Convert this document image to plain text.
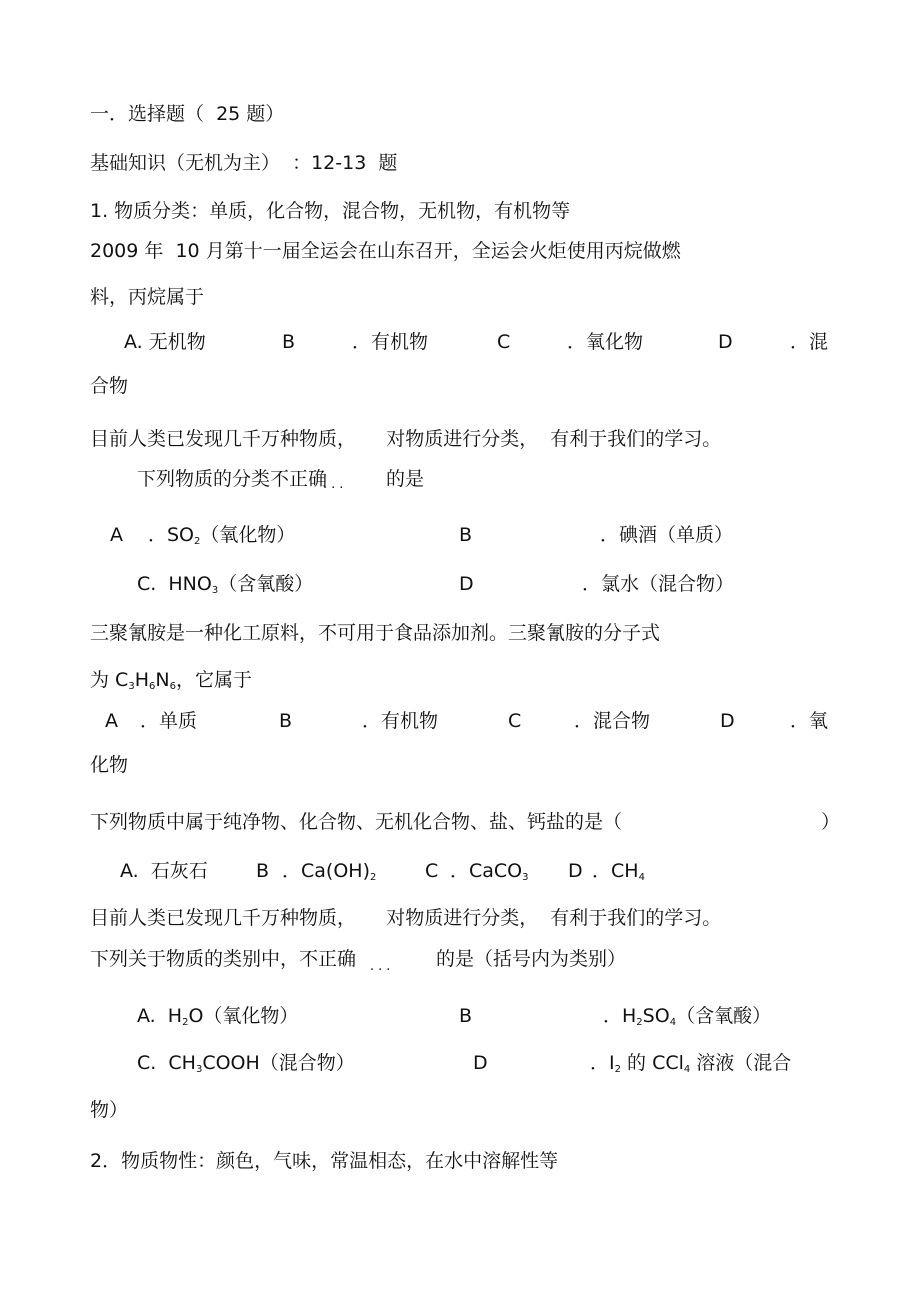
一．选择题（  25 题）
基础知识（无机为主）  ：12-13  题
1. 物质分类：单质，化合物，混合物，无机物，有机物等
2009 年  10 月第十一届全运会在山东召开，全运会火炬使用丙烷做燃
料，丙烷属于
A. 无机物	B	．有机物	C	．氧化物	D	．混
合物
目前人类已发现几千万种物质，     对物质进行分类，  有利于我们的学习。
下列物质的分类不正确
··· 的是
A ．$SO_2$（氧化物）	B	．碘酒（单质）
C.  $HNO_3$（含氧酸）	D	．氯水（混合物）
三聚氰胺是一种化工原料，不可用于食品添加剂。三聚氰胺的分子式
为 $C_3H_6N_6$，它属于
A ．单质	B	．有机物	C	．混合物	D	．氧
化物
下列物质中属于纯净物、化合物、无机化合物、盐、钙盐的是（	）
A.  石灰石	B ．$Ca(OH)_2$	C ．CaCO$_3$ D ．$CH_4$
目前人类已发现几千万种物质，     对物质进行分类，  有利于我们的学习。
下列关于物质的类别中，不正确
···
的是（括号内为类别）
A.  $H_2O$（氧化物）	B	．$H_2SO_4$（含氧酸）
C.  $CH_3COOH$（混合物）	D	．$I_2$ 的 CCl$_4$ 溶液（混合
物）
2．物质物性：颜色，气味，常温相态，在水中溶解性等
